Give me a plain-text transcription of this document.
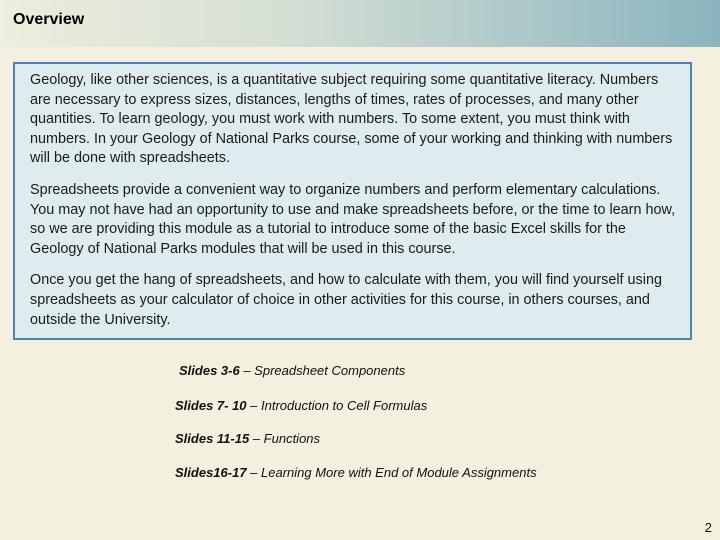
Overview

Geology, like other sciences, is a quantitative subject requiring some quantitative literacy. Numbers are necessary to express sizes, distances, lengths of times, rates of processes, and many other quantities. To learn geology, you must work with numbers. To some extent, you must think with numbers. In your Geology of National Parks course, some of your working and thinking with numbers will be done with spreadsheets.

Spreadsheets provide a convenient way to organize numbers and perform elementary calculations. You may not have had an opportunity to use and make spreadsheets before, or the time to learn how, so we are providing this module as a tutorial to introduce some of the basic Excel skills for the Geology of National Parks modules that will be used in this course.

Once you get the hang of spreadsheets, and how to calculate with them, you will find yourself using spreadsheets as your calculator of choice in other activities for this course, in others courses, and outside the University.

Slides 3-6 – Spreadsheet Components
Slides 7- 10 – Introduction to Cell Formulas
Slides 11-15 – Functions
Slides16-17 – Learning More with End of Module Assignments
2
